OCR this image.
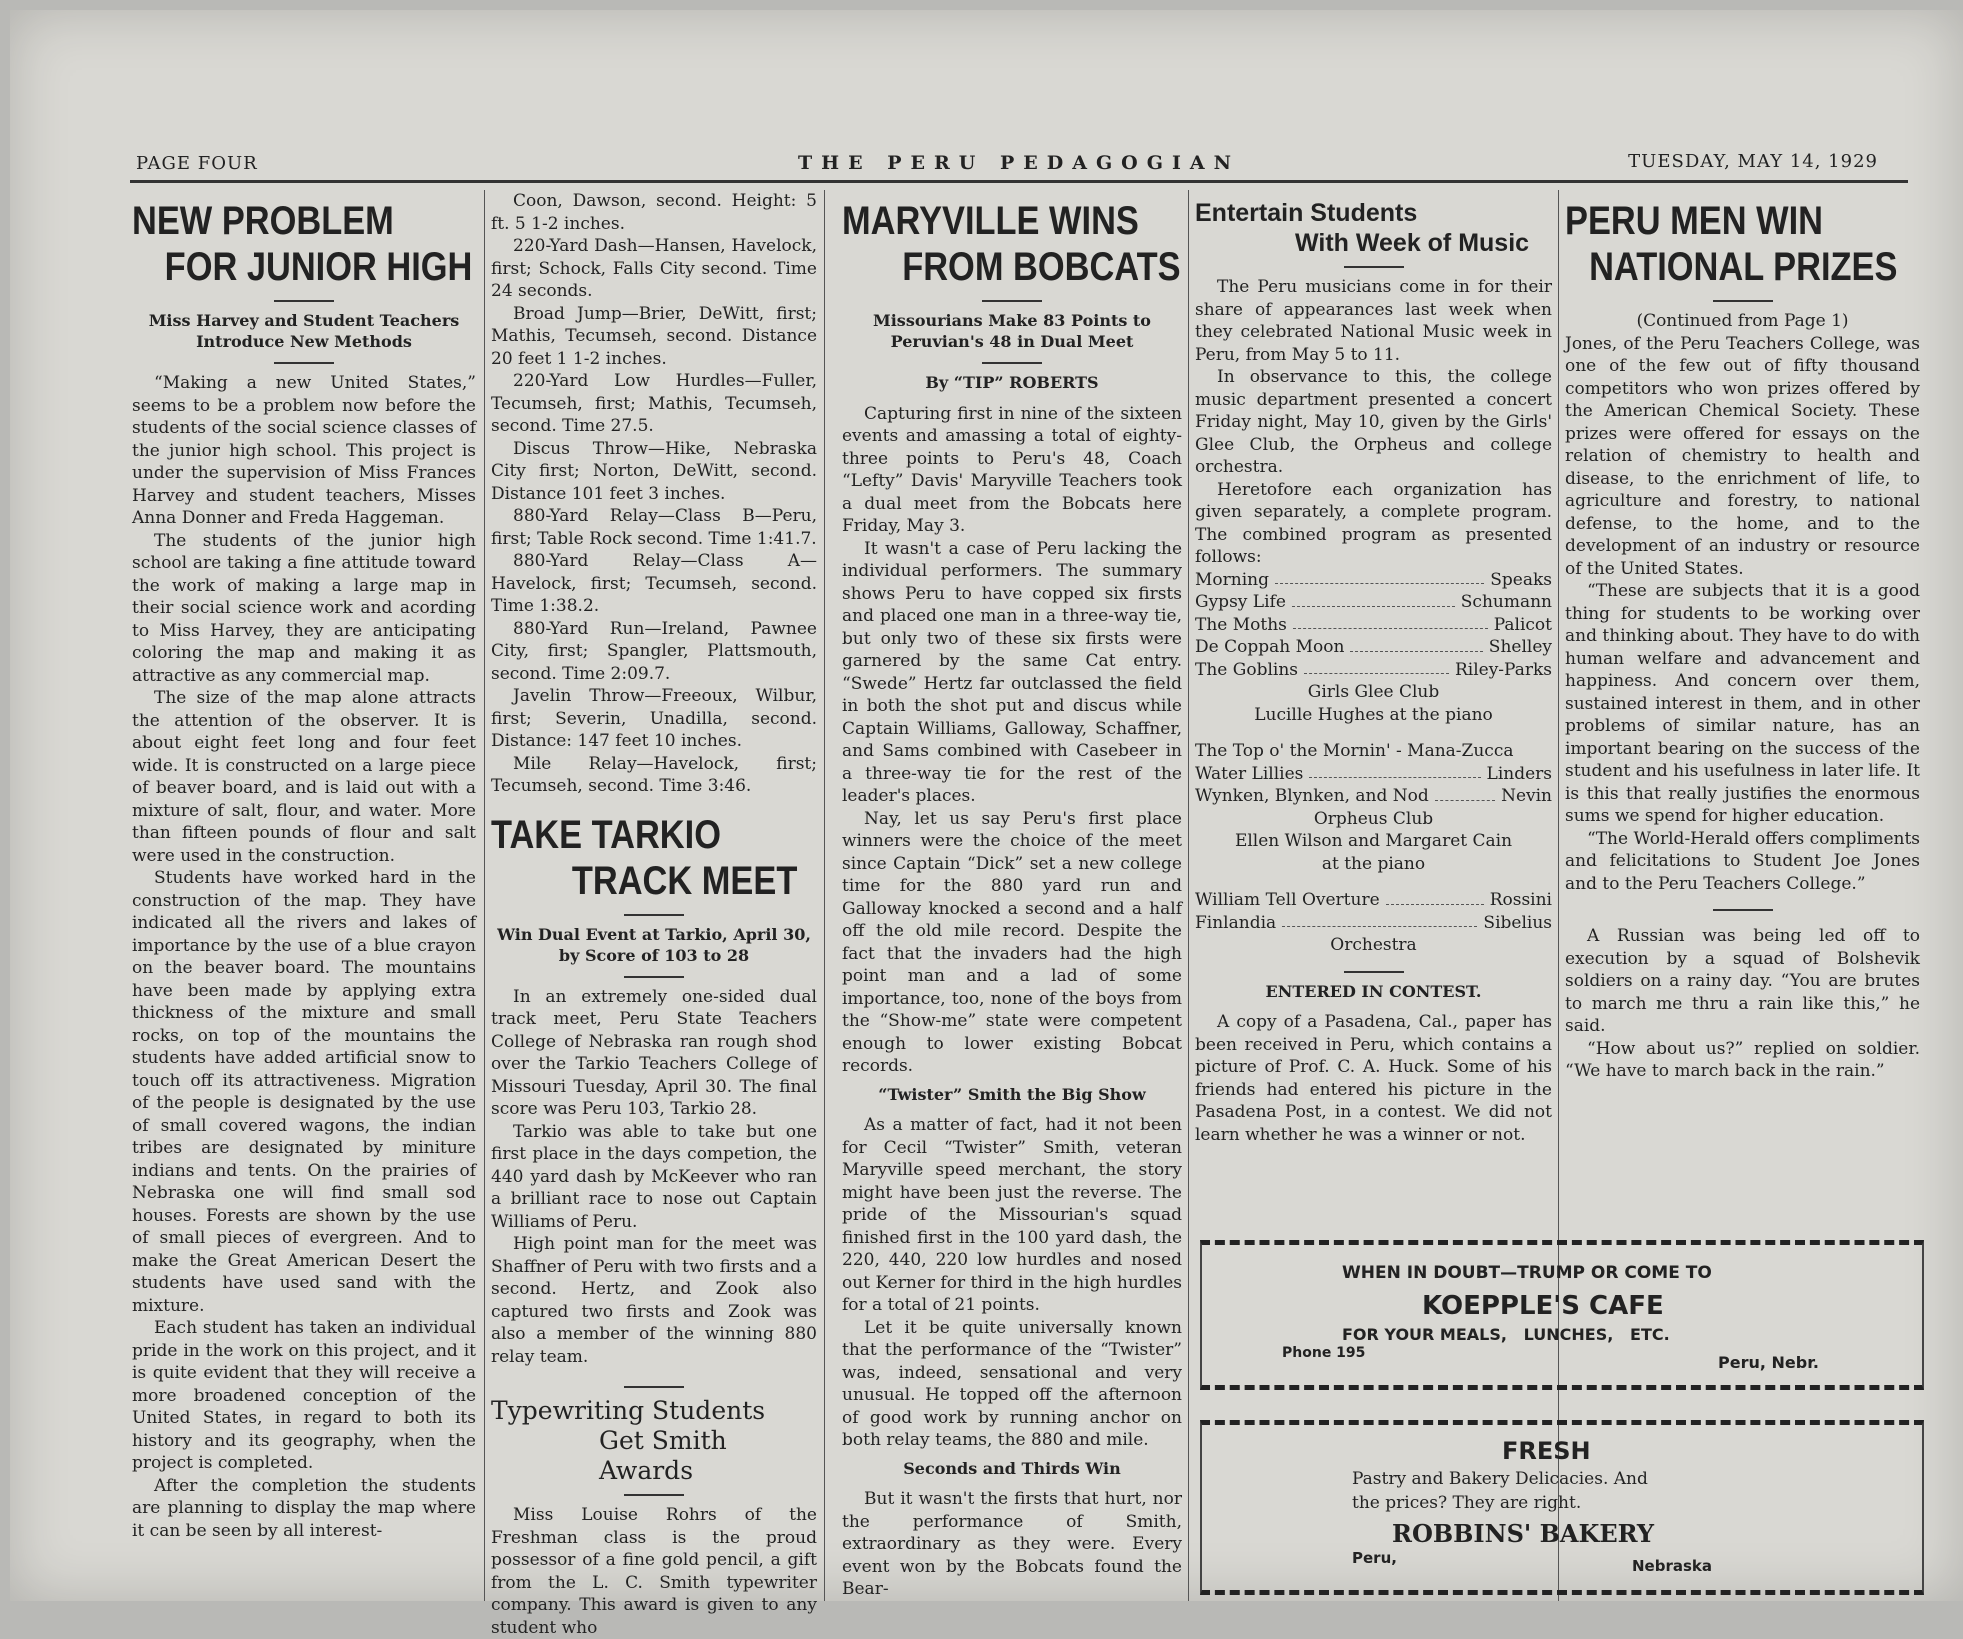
PAGE FOUR	THE PERU PEDAGOGIAN	TUESDAY, MAY 14, 1929
NEW PROBLEM
FOR JUNIOR HIGH
Miss Harvey and Student Teachers Introduce New Methods

“Making a new United States,” seems to be a problem now before the students of the social science classes of the junior high school. This project is under the supervision of Miss Frances Harvey and student teachers, Misses Anna Donner and Freda Haggeman.

The students of the junior high school are taking a fine attitude toward the work of making a large map in their social science work and acording to Miss Harvey, they are anticipating coloring the map and making it as attractive as any commercial map.

The size of the map alone attracts the attention of the observer. It is about eight feet long and four feet wide. It is constructed on a large piece of beaver board, and is laid out with a mixture of salt, flour, and water. More than fifteen pounds of flour and salt were used in the construction.

Students have worked hard in the construction of the map. They have indicated all the rivers and lakes of importance by the use of a blue crayon on the beaver board. The mountains have been made by applying extra thickness of the mixture and small rocks, on top of the mountains the students have added artificial snow to touch off its attractiveness. Migration of the people is designated by the use of small covered wagons, the indian tribes are designated by miniture indians and tents. On the prairies of Nebraska one will find small sod houses. Forests are shown by the use of small pieces of evergreen. And to make the Great American Desert the students have used sand with the mixture.

Each student has taken an individual pride in the work on this project, and it is quite evident that they will receive a more broadened conception of the United States, in regard to both its history and its geography, when the project is completed.

After the completion the students are planning to display the map where it can be seen by all interest-

Coon, Dawson, second. Height: 5 ft. 5 1-2 inches.

220-Yard Dash—Hansen, Havelock, first; Schock, Falls City second. Time 24 seconds.

Broad Jump—Brier, DeWitt, first; Mathis, Tecumseh, second. Distance 20 feet 1 1-2 inches.

220-Yard Low Hurdles—Fuller, Tecumseh, first; Mathis, Tecumseh, second. Time 27.5.

Discus Throw—Hike, Nebraska City first; Norton, DeWitt, second. Distance 101 feet 3 inches.

880-Yard Relay—Class B—Peru, first; Table Rock second. Time 1:41.7.

880-Yard Relay—Class A—Havelock, first; Tecumseh, second. Time 1:38.2.

880-Yard Run—Ireland, Pawnee City, first; Spangler, Plattsmouth, second. Time 2:09.7.

Javelin Throw—Freeoux, Wilbur, first; Severin, Unadilla, second. Distance: 147 feet 10 inches.

Mile Relay—Havelock, first; Tecumseh, second. Time 3:46.

TAKE TARKIO
TRACK MEET
Win Dual Event at Tarkio, April 30, by Score of 103 to 28

In an extremely one-sided dual track meet, Peru State Teachers College of Nebraska ran rough shod over the Tarkio Teachers College of Missouri Tuesday, April 30. The final score was Peru 103, Tarkio 28.

Tarkio was able to take but one first place in the days competion, the 440 yard dash by McKeever who ran a brilliant race to nose out Captain Williams of Peru.

High point man for the meet was Shaffner of Peru with two firsts and a second. Hertz, and Zook also captured two firsts and Zook was also a member of the winning 880 relay team.

Typewriting Students
Get Smith Awards

Miss Louise Rohrs of the Freshman class is the proud possessor of a fine gold pencil, a gift from the L. C. Smith typewriter company. This award is given to any student who

MARYVILLE WINS
FROM BOBCATS
Missourians Make 83 Points to Peruvian's 48 in Dual Meet
By “TIP” ROBERTS

Capturing first in nine of the sixteen events and amassing a total of eighty-three points to Peru's 48, Coach “Lefty” Davis' Maryville Teachers took a dual meet from the Bobcats here Friday, May 3.

It wasn't a case of Peru lacking the individual performers. The summary shows Peru to have copped six firsts and placed one man in a three-way tie, but only two of these six firsts were garnered by the same Cat entry. “Swede” Hertz far outclassed the field in both the shot put and discus while Captain Williams, Galloway, Schaffner, and Sams combined with Casebeer in a three-way tie for the rest of the leader's places.

Nay, let us say Peru's first place winners were the choice of the meet since Captain “Dick” set a new college time for the 880 yard run and Galloway knocked a second and a half off the old mile record. Despite the fact that the invaders had the high point man and a lad of some importance, too, none of the boys from the “Show-me” state were competent enough to lower existing Bobcat records.

“Twister” Smith the Big Show

As a matter of fact, had it not been for Cecil “Twister” Smith, veteran Maryville speed merchant, the story might have been just the reverse. The pride of the Missourian's squad finished first in the 100 yard dash, the 220, 440, 220 low hurdles and nosed out Kerner for third in the high hurdles for a total of 21 points.

Let it be quite universally known that the performance of the “Twister” was, indeed, sensational and very unusual. He topped off the afternoon of good work by running anchor on both relay teams, the 880 and mile.

Seconds and Thirds Win

But it wasn't the firsts that hurt, nor the performance of Smith, extraordinary as they were. Every event won by the Bobcats found the Bear-

Entertain Students
With Week of Music

The Peru musicians come in for their share of appearances last week when they celebrated National Music week in Peru, from May 5 to 11.

In observance to this, the college music department presented a concert Friday night, May 10, given by the Girls' Glee Club, the Orpheus and college orchestra.

Heretofore each organization has given separately, a complete program. The combined program as presented follows:

Morning	Speaks
Gypsy Life	Schumann
The Moths	Palicot
De Coppah Moon	Shelley
The Goblins	Riley-Parks
Girls Glee Club
Lucille Hughes at the piano
The Top o' the Mornin' - Mana-Zucca
Water Lillies	Linders
Wynken, Blynken, and Nod	Nevin
Orpheus Club
Ellen Wilson and Margaret Cain
at the piano
William Tell Overture	Rossini
Finlandia	Sibelius
Orchestra
ENTERED IN CONTEST.

A copy of a Pasadena, Cal., paper has been received in Peru, which contains a picture of Prof. C. A. Huck. Some of his friends had entered his picture in the Pasadena Post, in a contest. We did not learn whether he was a winner or not.

PERU MEN WIN
NATIONAL PRIZES
(Continued from Page 1)

Jones, of the Peru Teachers College, was one of the few out of fifty thousand competitors who won prizes offered by the American Chemical Society. These prizes were offered for essays on the relation of chemistry to health and disease, to the enrichment of life, to agriculture and forestry, to national defense, to the home, and to the development of an industry or resource of the United States.

“These are subjects that it is a good thing for students to be working over and thinking about. They have to do with human welfare and advancement and happiness. And concern over them, sustained interest in them, and in other problems of similar nature, has an important bearing on the success of the student and his usefulness in later life. It is this that really justifies the enormous sums we spend for higher education.

“The World-Herald offers compliments and felicitations to Student Joe Jones and to the Peru Teachers College.”

A Russian was being led off to execution by a squad of Bolshevik soldiers on a rainy day. “You are brutes to march me thru a rain like this,” he said.

“How about us?” replied on soldier. “We have to march back in the rain.”

WHEN IN DOUBT—TRUMP OR COME TO
KOEPPLE'S CAFE
FOR YOUR MEALS,   LUNCHES,   ETC.
Phone 195	Peru, Nebr.
FRESH
Pastry and Bakery Delicacies. And
the prices? They are right.
ROBBINS' BAKERY
Peru,	Nebraska
